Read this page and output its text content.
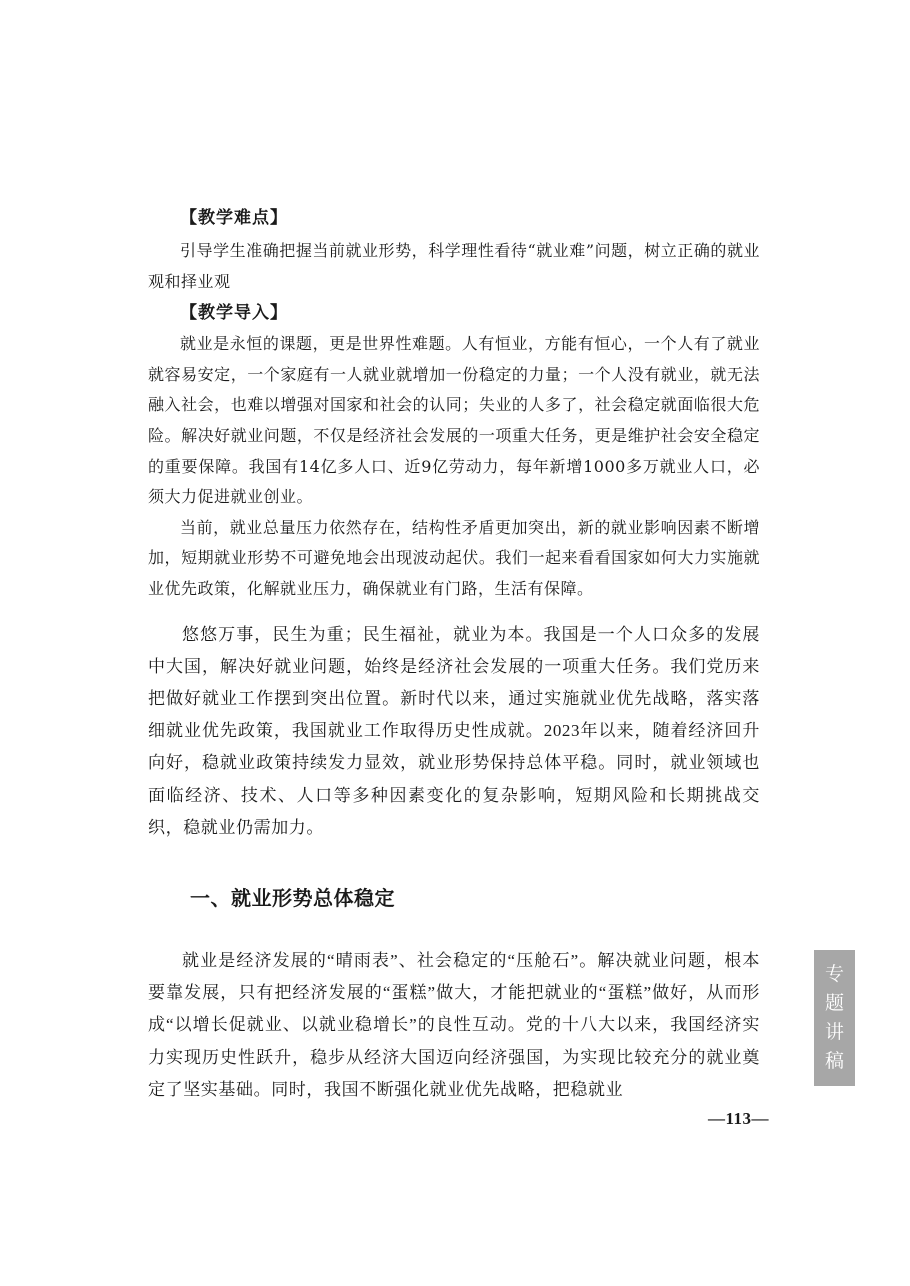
【教学难点】
引导学生准确把握当前就业形势，科学理性看待“就业难”问题，树立正确的就业观和择业观
【教学导入】
就业是永恒的课题，更是世界性难题。人有恒业，方能有恒心，一个人有了就业就容易安定，一个家庭有一人就业就增加一份稳定的力量；一个人没有就业，就无法融入社会，也难以增强对国家和社会的认同；失业的人多了，社会稳定就面临很大危险。解决好就业问题，不仅是经济社会发展的一项重大任务，更是维护社会安全稳定的重要保障。我国有14亿多人口、近9亿劳动力，每年新增1000多万就业人口，必须大力促进就业创业。
当前，就业总量压力依然存在，结构性矛盾更加突出，新的就业影响因素不断增加，短期就业形势不可避免地会出现波动起伏。我们一起来看看国家如何大力实施就业优先政策，化解就业压力，确保就业有门路，生活有保障。
悠悠万事，民生为重；民生福祉，就业为本。我国是一个人口众多的发展中大国，解决好就业问题，始终是经济社会发展的一项重大任务。我们党历来把做好就业工作摆到突出位置。新时代以来，通过实施就业优先战略，落实落细就业优先政策，我国就业工作取得历史性成就。2023年以来，随着经济回升向好，稳就业政策持续发力显效，就业形势保持总体平稳。同时，就业领域也面临经济、技术、人口等多种因素变化的复杂影响，短期风险和长期挑战交织，稳就业仍需加力。
一、就业形势总体稳定
就业是经济发展的“晴雨表”、社会稳定的“压舱石”。解决就业问题，根本要靠发展，只有把经济发展的“蛋糕”做大，才能把就业的“蛋糕”做好，从而形成“以增长促就业、以就业稳增长”的良性互动。党的十八大以来，我国经济实力实现历史性跃升，稳步从经济大国迈向经济强国，为实现比较充分的就业奠定了坚实基础。同时，我国不断强化就业优先战略，把稳就业
专
题
讲
稿
—113—
